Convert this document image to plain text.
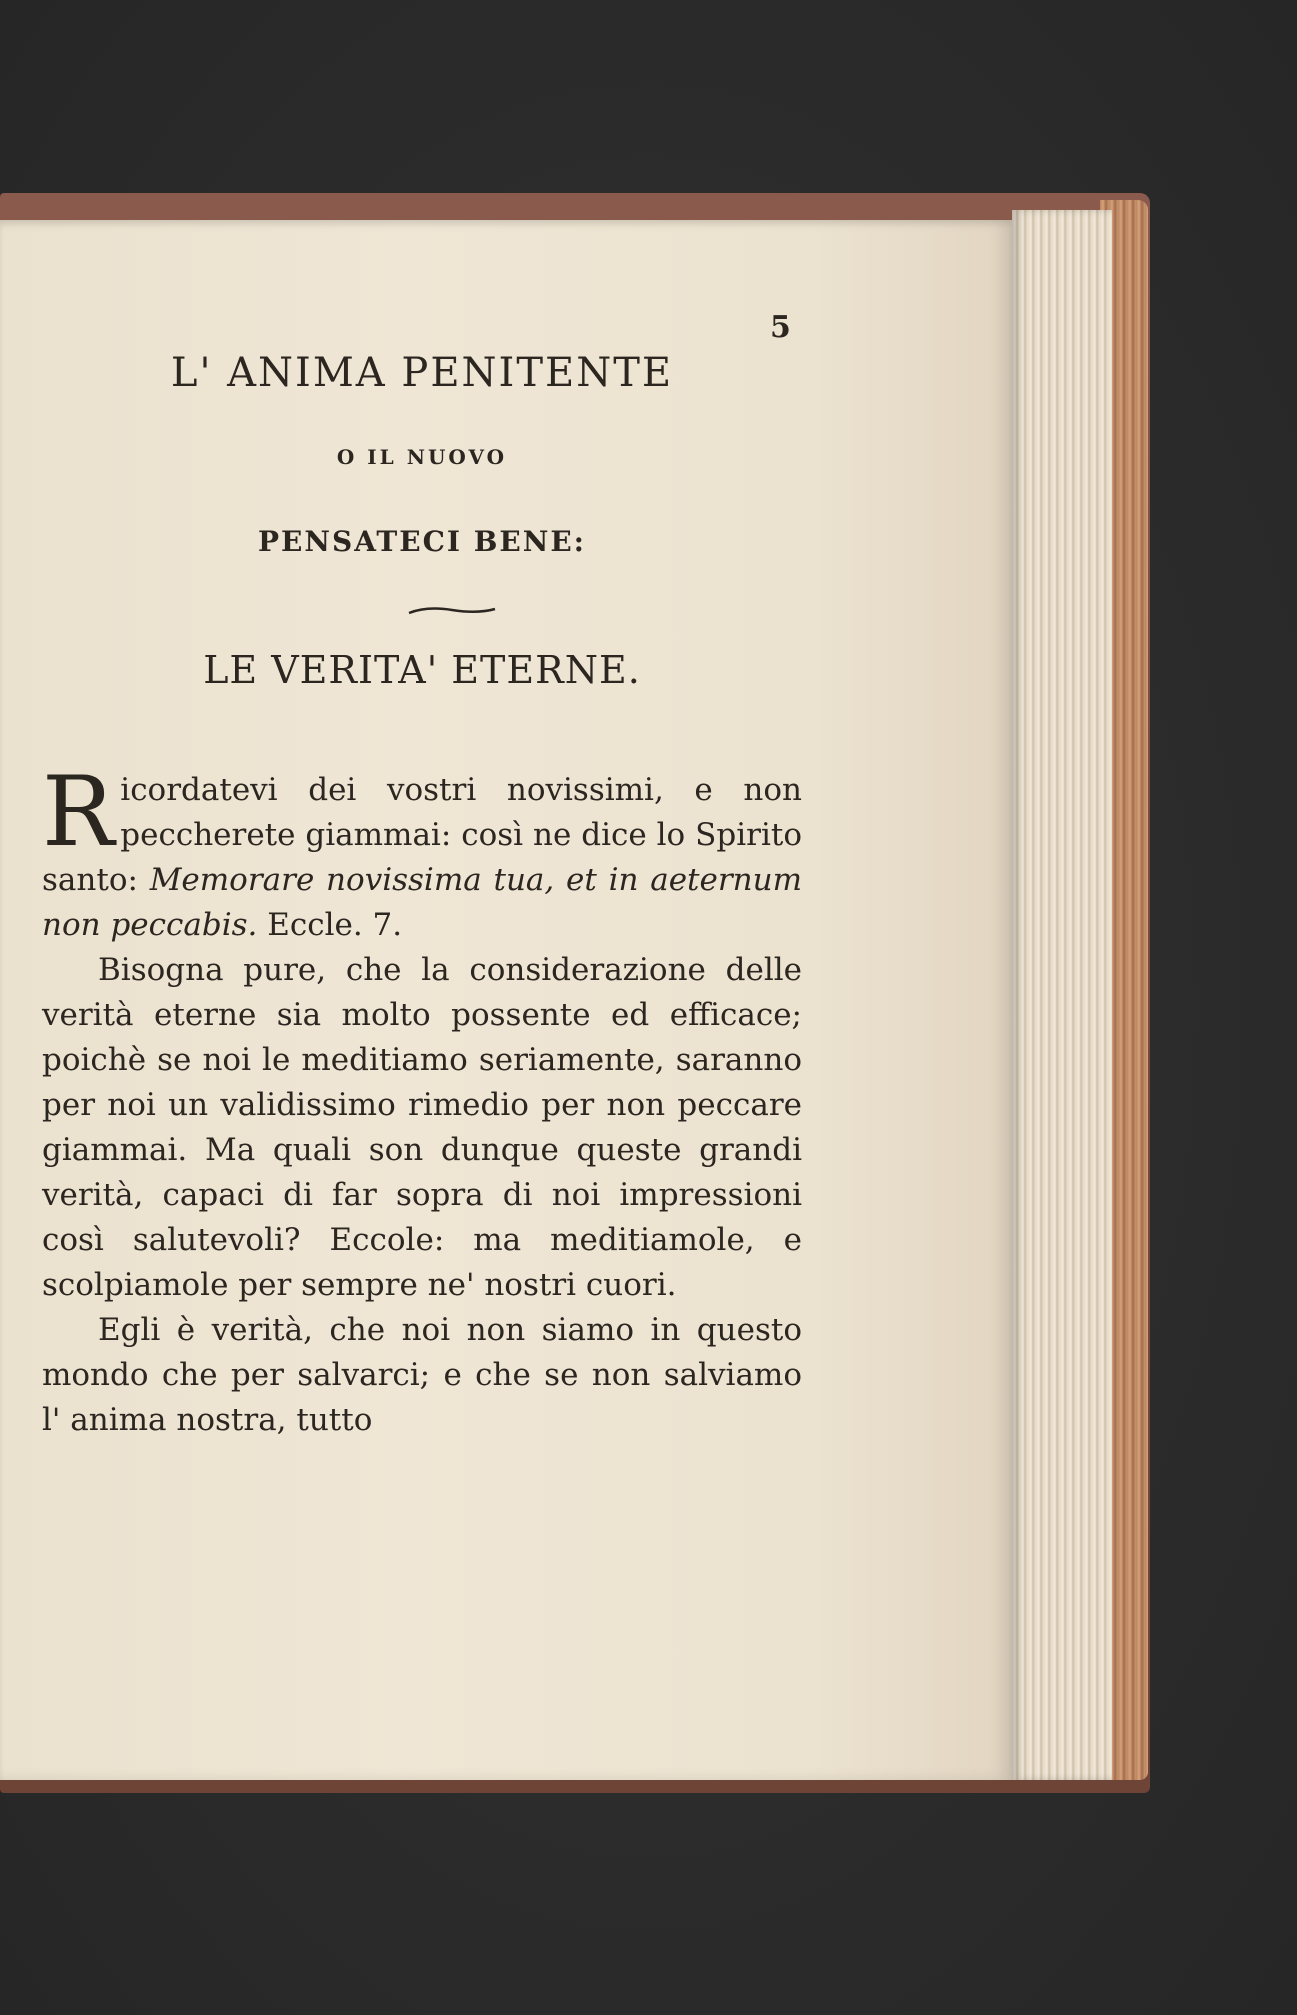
5
L' ANIMA PENITENTE
O IL NUOVO
PENSATECI BENE:
LE VERITA' ETERNE.

Ricordatevi dei vostri novissimi, e non peccherete giammai: così ne dice lo Spirito santo: Memorare novissima tua, et in aeternum non peccabis. Eccle. 7.

Bisogna pure, che la considerazione delle verità eterne sia molto possente ed efficace; poichè se noi le meditiamo seriamente, saranno per noi un validissimo rimedio per non peccare giammai. Ma quali son dunque queste grandi verità, capaci di far sopra di noi impressioni così salutevoli? Eccole: ma meditiamole, e scolpiamole per sempre ne' nostri cuori.

Egli è verità, che noi non siamo in questo mondo che per salvarci; e che se non salviamo l' anima nostra, tutto
